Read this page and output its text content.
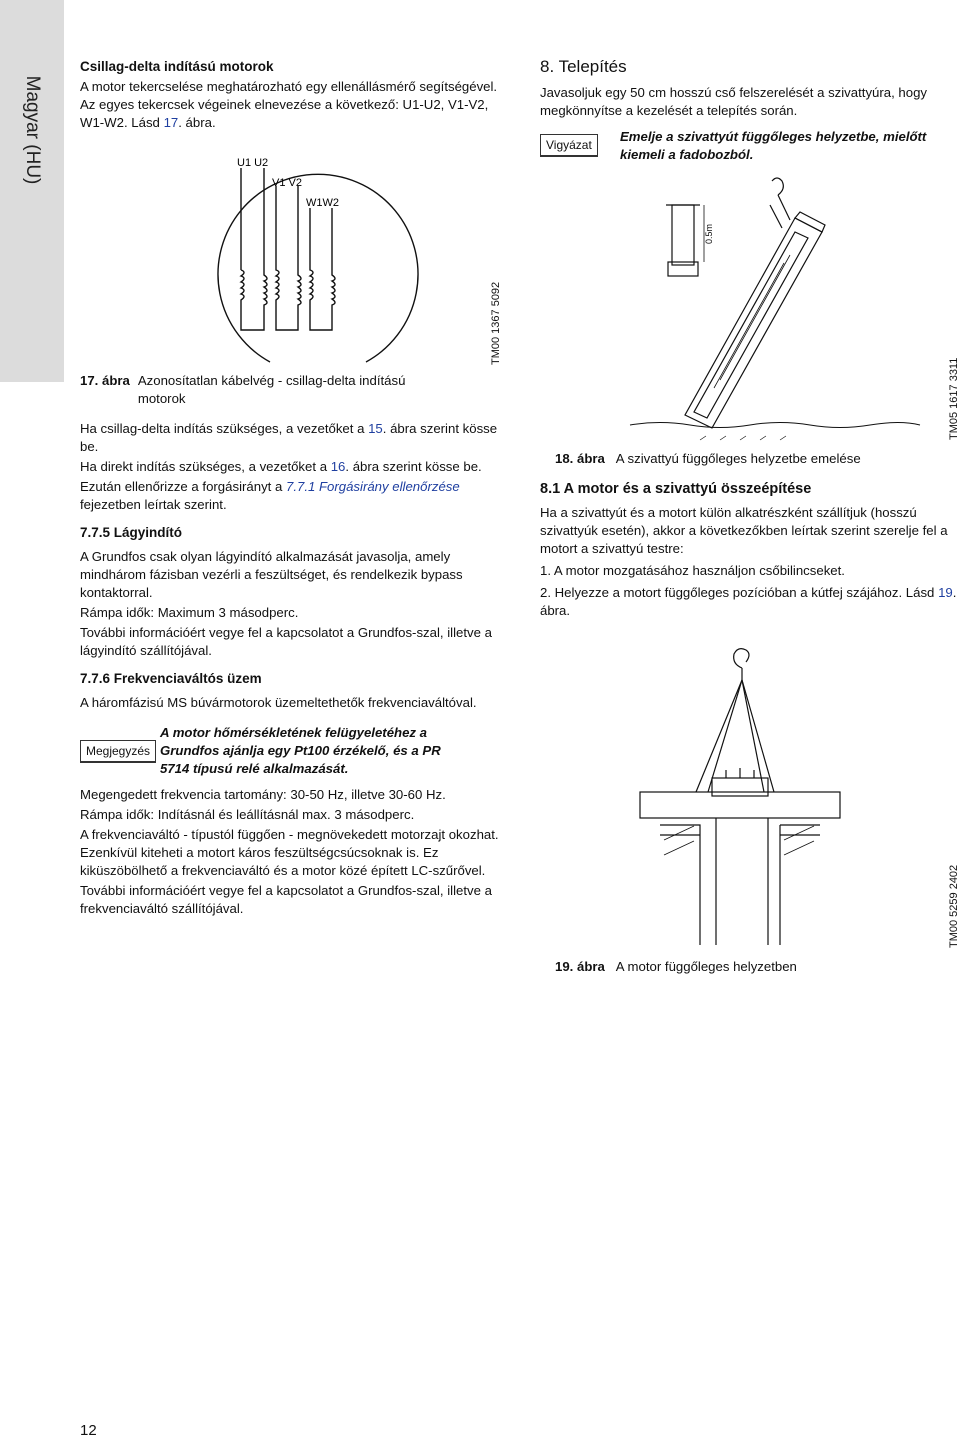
Magyar (HU)

Csillag-delta indítású motorok

A motor tekercselése meghatározható egy ellenállásmérő segítségével. Az egyes tekercsek végeinek elnevezése a következő: U1-U2, V1-V2, W1-W2. Lásd 17. ábra.

U1 U2
V1 V2
W1W2
TM00 1367 5092
17. ábra Azonosítatlan kábelvég - csillag-delta indítású motorok

Ha csillag-delta indítás szükséges, a vezetőket a 15. ábra szerint kösse be.

Ha direkt indítás szükséges, a vezetőket a 16. ábra szerint kösse be.

Ezután ellenőrizze a forgásirányt a 7.7.1 Forgásirány ellenőrzése fejezetben leírtak szerint.

7.7.5 Lágyindító

A Grundfos csak olyan lágyindító alkalmazását javasolja, amely mindhárom fázisban vezérli a feszültséget, és rendelkezik bypass kontaktorral.

Rámpa idők: Maximum 3 másodperc.

További információért vegye fel a kapcsolatot a Grundfos-szal, illetve a lágyindító szállítójával.

7.7.6 Frekvenciaváltós üzem

A háromfázisú MS búvármotorok üzemeltethetők frekvenciaváltóval.

Megjegyzés
A motor hőmérsékletének felügyeletéhez a Grundfos ajánlja egy Pt100 érzékelő, és a PR 5714 típusú relé alkalmazását.

Megengedett frekvencia tartomány: 30-50 Hz, illetve 30-60 Hz.

Rámpa idők: Indításnál és leállításnál max. 3 másodperc.

A frekvenciaváltó - típustól függően - megnövekedett motorzajt okozhat. Ezenkívül kiteheti a motort káros feszültségcsúcsoknak is. Ez kiküszöbölhető a frekvenciaváltó és a motor közé épített LC-szűrővel.

További információért vegye fel a kapcsolatot a Grundfos-szal, illetve a frekvenciaváltó szállítójával.

8. Telepítés

Javasoljuk egy 50 cm hosszú cső felszerelését a szivattyúra, hogy megkönnyítse a kezelését a telepítés során.

Vigyázat
Emelje a szivattyút függőleges helyzetbe, mielőtt kiemeli a fadobozból.
0.5m
TM05 1617 3311
18. ábra A szivattyú függőleges helyzetbe emelése

8.1 A motor és a szivattyú összeépítése

Ha a szivattyút és a motort külön alkatrészként szállítjuk (hosszú szivattyúk esetén), akkor a következőkben leírtak szerint szerelje fel a motort a szivattyú testre:

1. A motor mozgatásához használjon csőbilincseket.

2. Helyezze a motort függőleges pozícióban a kútfej szájához. Lásd 19. ábra.

TM00 5259 2402
19. ábra A motor függőleges helyzetben
12
